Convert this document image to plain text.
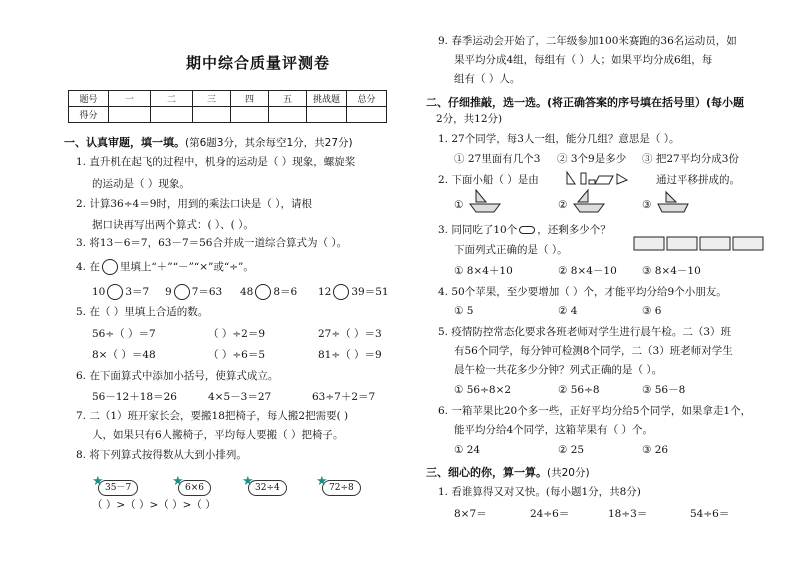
期中综合质量评测卷
题号	一	二	三	四	五	挑战题	总分
得分							
一、认真审题，填一填。(第6题3分，其余每空1分，共27分)
1. 直升机在起飞的过程中，机身的运动是（ ）现象，螺旋桨
的运动是（ ）现象。
2. 计算36÷4＝9时，用到的乘法口诀是（ ），请根
据口诀再写出两个算式：( ）、( ）。
3. 将13－6＝7，63－7＝56合并成一道综合算式为（ ）。
4. 在 里填上“＋”“－”“×”或“÷”。
10 3＝7 9 7＝63 48 8＝6 12 39＝51
5. 在（ ）里填上合适的数。
56÷（ ）＝7	（ ）÷2＝9	27÷（ ）＝3
8×（ ）＝48	（ ）÷6＝5	81÷（ ）＝9
6. 在下面算式中添加小括号，使算式成立。
56－12＋18＝26	4×5－3＝27	63÷7＋2＝7
7. 二（1）班开家长会，要搬18把椅子，每人搬2把需要( )
人，如果只有6人搬椅子，平均每人要搬（ ）把椅子。
8. 将下列算式按得数从大到小排列。
★ 35－7	★ 6×6	★ 32÷4	★ 72÷8
（ ）>（ ）>（ ）>（ ）
9. 春季运动会开始了，二年级参加100米赛跑的36名运动员，如
果平均分成4组，每组有（ ）人；如果平均分成6组，每
组有（ ）人。
二、仔细推敲，选一选。(将正确答案的序号填在括号里）(每小题
2分，共12分)
1. 27个同学，每3人一组，能分几组？意思是（ ）。
① 27里面有几个3 ② 3个9是多少 ③ 把27平均分成3份
2. 下面小船（ ）是由	通过平移拼成的。
①	②	③
3. 同同吃了10个 ，还剩多少个？
下面列式正确的是（ ）。
① 8×4＋10	② 8×4－10 ③ 8×4－10
4. 50个苹果，至少要增加（ ）个，才能平均分给9个小朋友。
① 5	② 4	③ 6
5. 疫情防控常态化要求各班老师对学生进行晨午检。二（3）班
有56个同学，每分钟可检测8个同学，二（3）班老师对学生
晨午检一共花多少分钟？列式正确的是（ ）。
① 56÷8×2	② 56÷8	③ 56－8
6. 一箱苹果比20个多一些，正好平均分给5个同学，如果拿走1个，
能平均分给4个同学，这箱苹果有（ ）个。
① 24	② 25	③ 26
三、细心的你，算一算。(共20分)
1. 看谁算得又对又快。(每小题1分，共8分)
8×7＝	24÷6＝	18÷3＝	54÷6＝
